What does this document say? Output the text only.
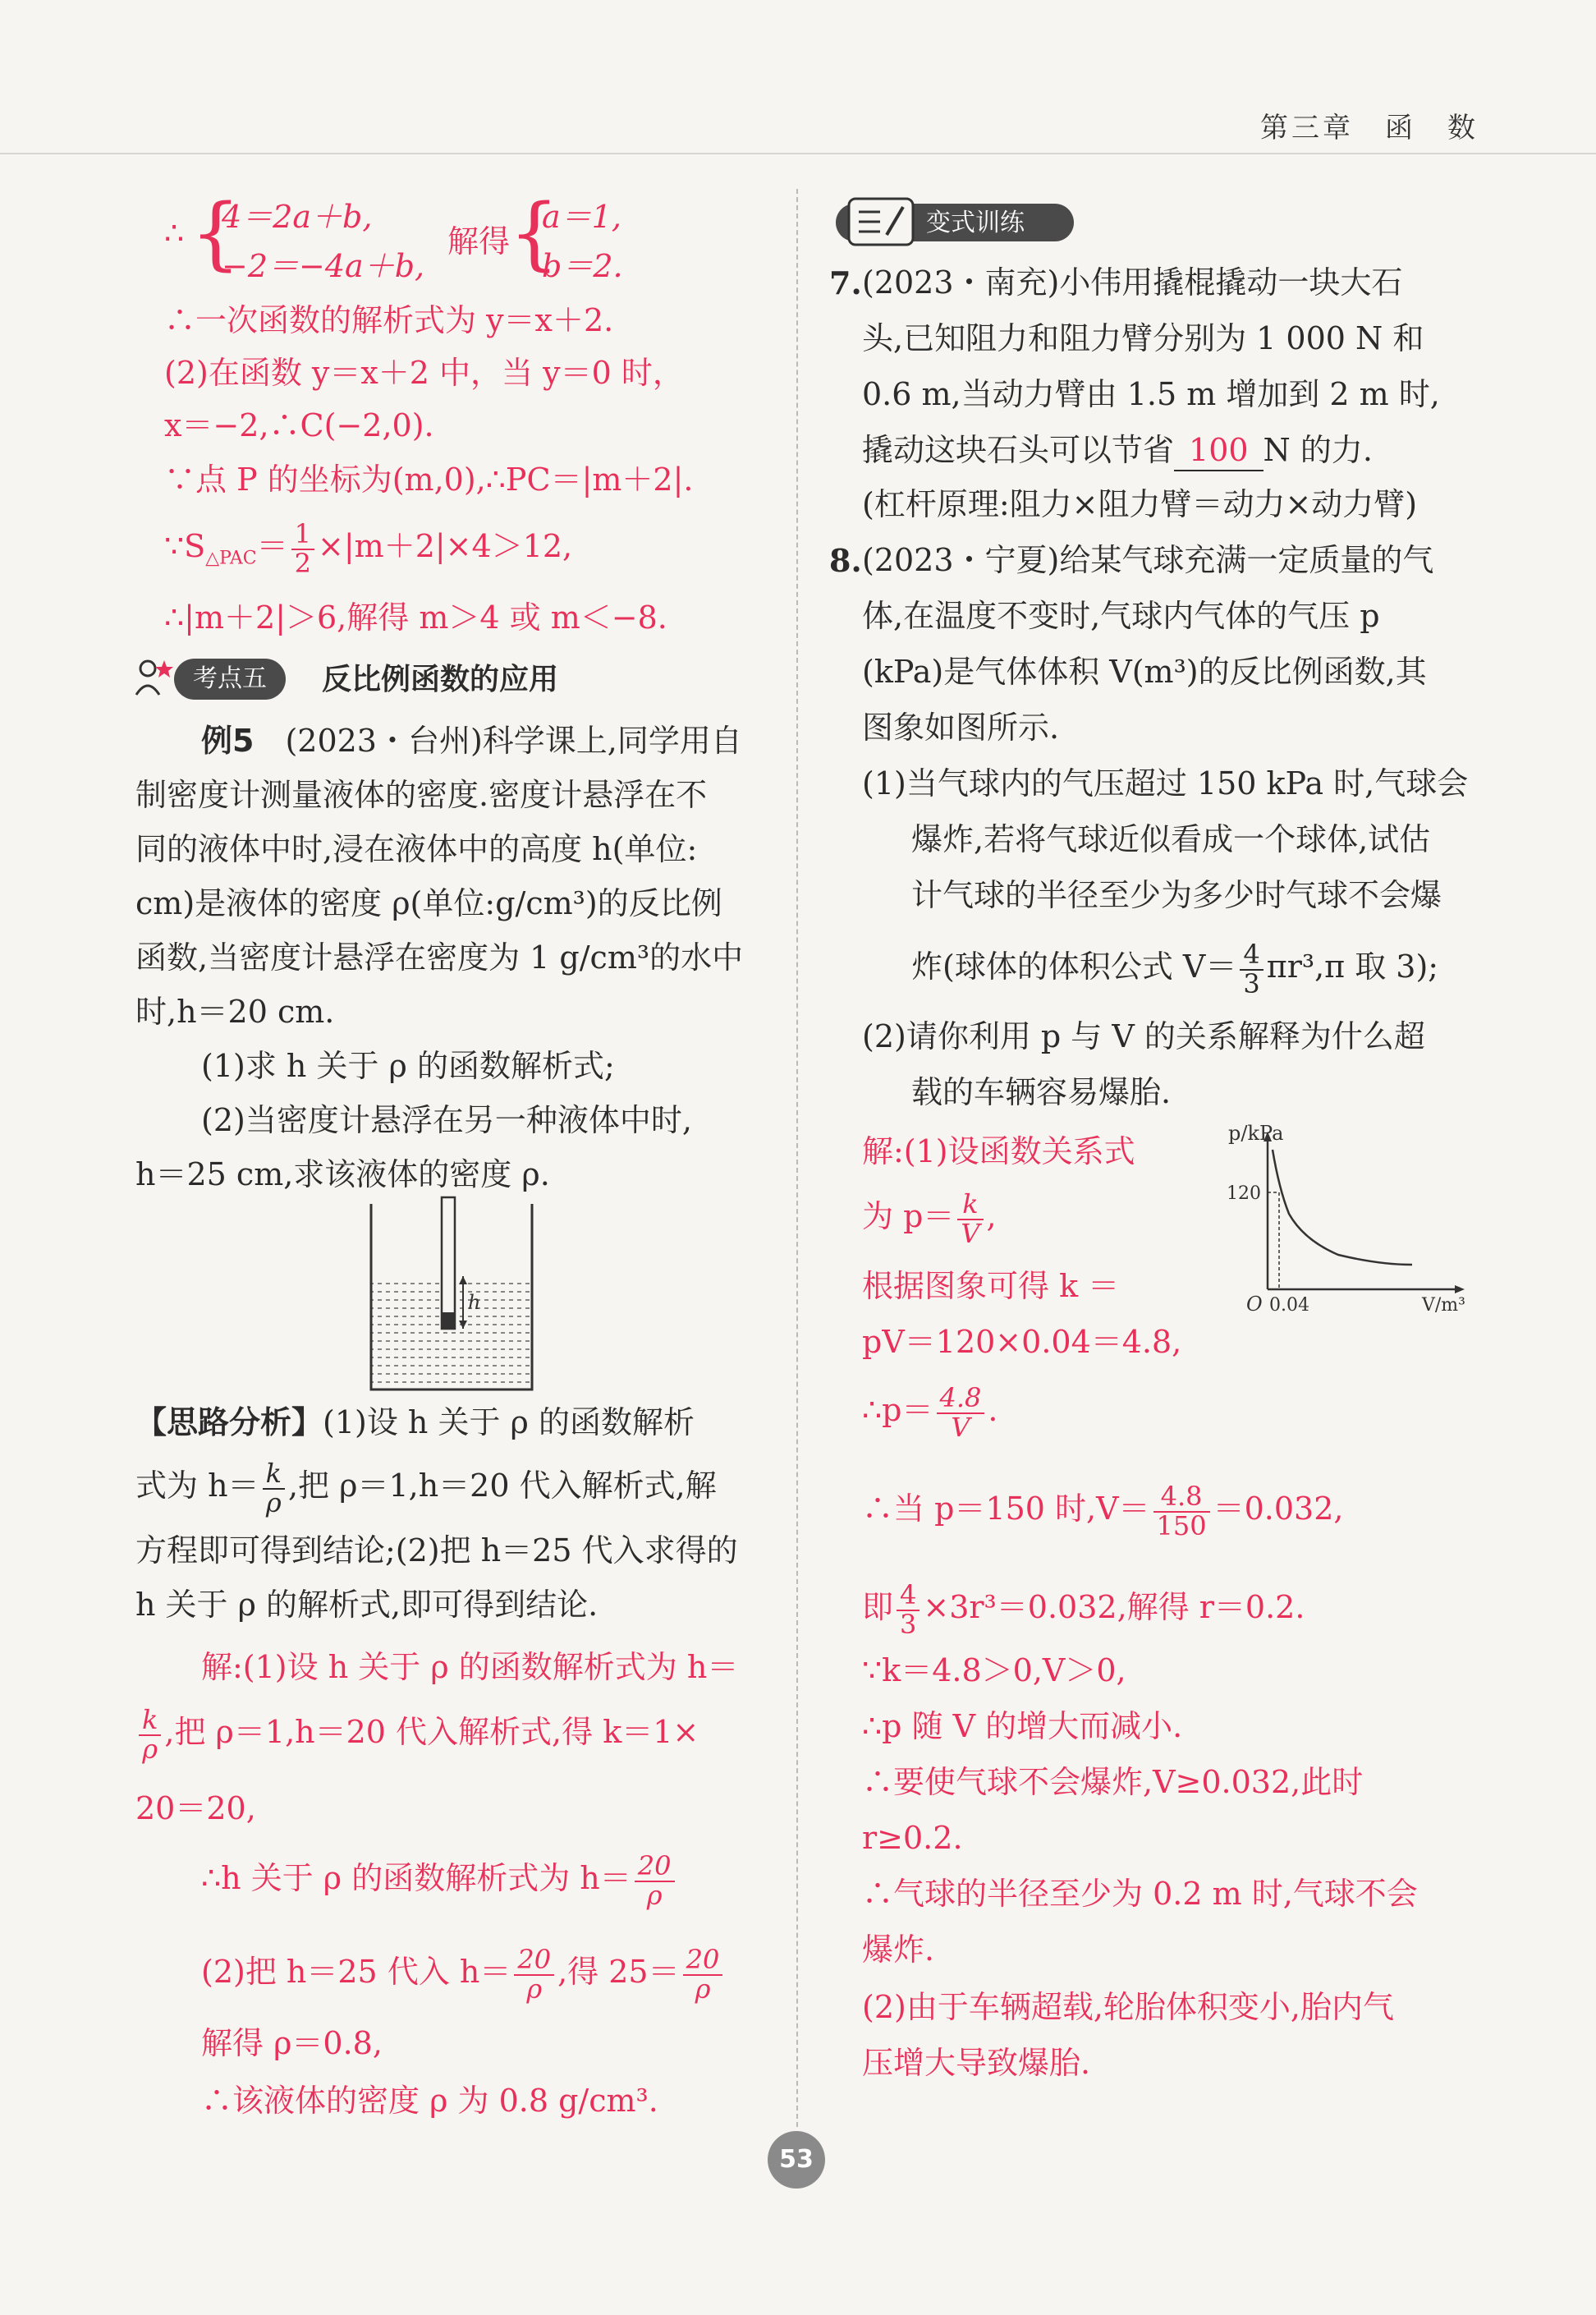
第三章　函　数
∴ {
4＝2a＋b,
−2＝−4a＋b,
解得
{
a＝1,
b＝2.
∴一次函数的解析式为 y＝x＋2.
(2)在函数 y＝x＋2 中，当 y＝0 时，
x＝−2,∴C(−2,0).
∵点 P 的坐标为(m,0),∴PC＝|m＋2|.
$\because S_{\triangle PAC}= \frac{1}{2} \times|m+2|\times 4>12$,
∴|m＋2|＞6,解得 m＞4 或 m＜−8.
考点五	反比例函数的应用
例5　(2023・台州)科学课上,同学用自
制密度计测量液体的密度.密度计悬浮在不
同的液体中时,浸在液体中的高度 h(单位:
cm)是液体的密度 ρ(单位:g/cm³)的反比例
函数,当密度计悬浮在密度为 1 g/cm³的水中
时,h＝20 cm.
(1)求 h 关于 ρ 的函数解析式;
(2)当密度计悬浮在另一种液体中时,
h＝25 cm,求该液体的密度 ρ.
h
【思路分析】(1)设 h 关于 ρ 的函数解析
式为 $h= \frac{k}{\rho}$ ,把 ρ＝1,h＝20 代入解析式,解
方程即可得到结论;(2)把 h＝25 代入求得的
h 关于 ρ 的解析式,即可得到结论.
解:(1)设 h 关于 ρ 的函数解析式为 h＝
$\frac{k}{\rho}$ ,把 ρ＝1,h＝20 代入解析式,得 k＝1×
20＝20,
∴h 关于 ρ 的函数解析式为 $h= \frac{20}{\rho}$
(2)把 h＝25 代入 $h= \frac{20}{\rho}$ ,得 $25= \frac{20}{\rho}$
解得 ρ＝0.8,
∴该液体的密度 ρ 为 0.8 g/cm³.
变式训练
7. (2023・南充)小伟用撬棍撬动一块大石
头,已知阻力和阻力臂分别为 1 000 N 和
0.6 m,当动力臂由 1.5 m 增加到 2 m 时,
撬动这块石头可以节省 100 N 的力.
(杠杆原理:阻力×阻力臂＝动力×动力臂)
8. (2023・宁夏)给某气球充满一定质量的气
体,在温度不变时,气球内气体的气压 p
(kPa)是气体体积 V(m³)的反比例函数,其
图象如图所示.
(1)当气球内的气压超过 150 kPa 时,气球会
爆炸,若将气球近似看成一个球体,试估
计气球的半径至少为多少时气球不会爆
炸(球体的体积公式 $V= \frac{4}{3} \pi r^3,\pi$ 取 3);
(2)请你利用 p 与 V 的关系解释为什么超
载的车辆容易爆胎.
p/kPa
120
O 0.04	V/m³
解:(1)设函数关系式
为 $p= \frac{k}{V}$ ,
根据图象可得 k ＝
pV＝120×0.04＝4.8,
∴p＝ $\frac{4.8}{V}$ .
∴当 p＝150 时$,V= \frac{4.8}{150} =0.032$,
即 $\frac{4}{3} \times 3r^3=0.032$,解得 r＝0.2.
∵k＝4.8＞0,V＞0,
∴p 随 V 的增大而减小.
∴要使气球不会爆炸,V≥0.032,此时
r≥0.2.
∴气球的半径至少为 0.2 m 时,气球不会
爆炸.
(2)由于车辆超载,轮胎体积变小,胎内气
压增大导致爆胎.
53
